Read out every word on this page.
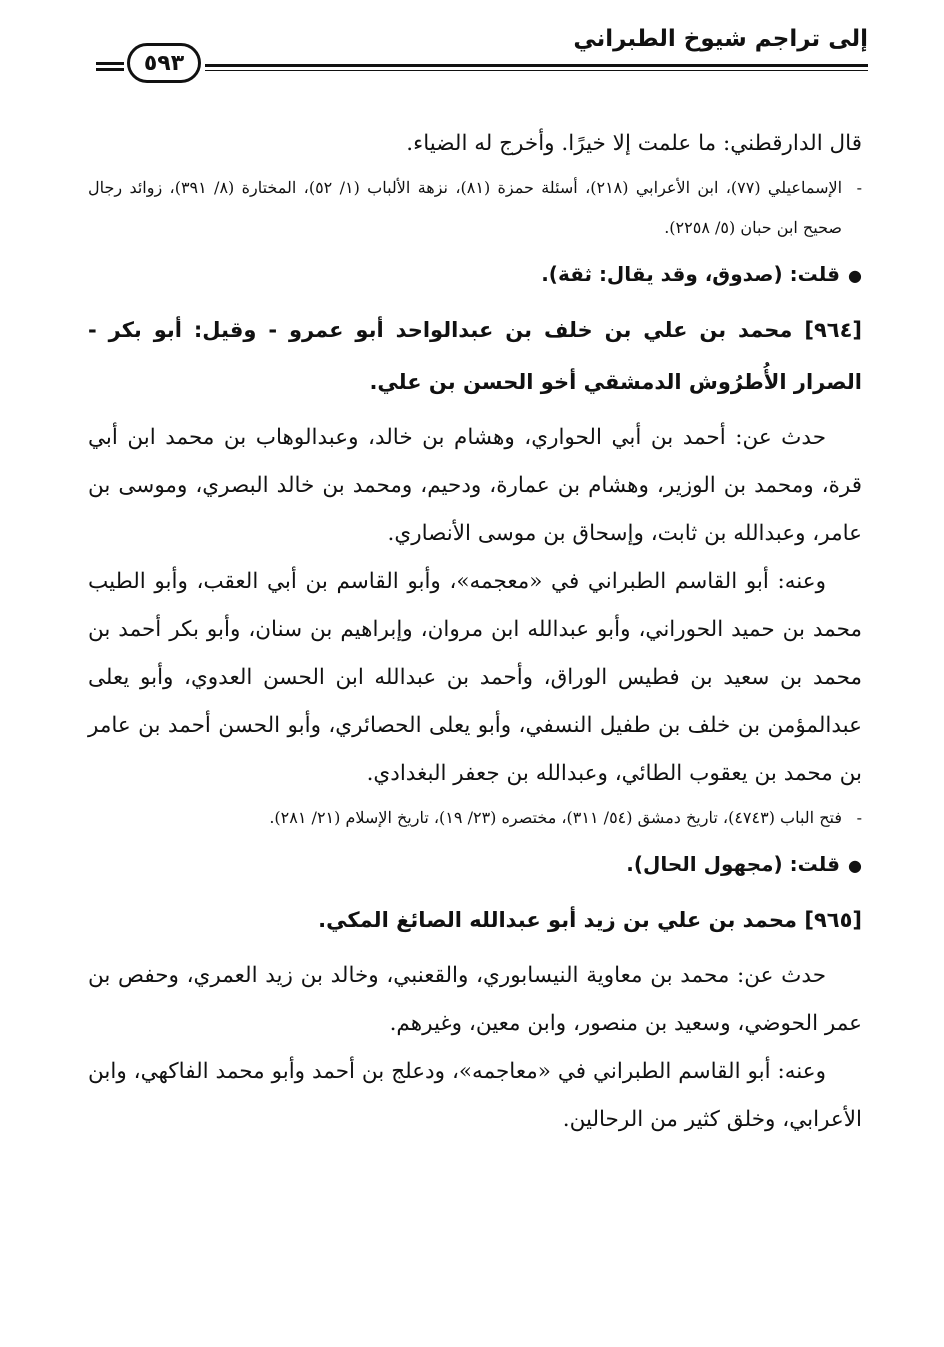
إلى تراجم شيوخ الطبراني
٥٩٣

قال الدارقطني: ما علمت إلا خيرًا. وأخرج له الضياء.

-الإسماعيلي (٧٧)، ابن الأعرابي (٢١٨)، أسئلة حمزة (٨١)، نزهة الألباب (١/ ٥٢)، المختارة (٨/ ٣٩١)، زوائد رجال صحيح ابن حبان (٥/ ٢٢٥٨).

●قلت: (صدوق، وقد يقال: ثقة).

[٩٦٤] محمد بن علي بن خلف بن عبدالواحد أبو عمرو - وقيل: أبو بكر - الصرار الأُطرُوش الدمشقي أخو الحسن بن علي.

حدث عن: أحمد بن أبي الحواري، وهشام بن خالد، وعبدالوهاب بن محمد ابن أبي قرة، ومحمد بن الوزير، وهشام بن عمارة، ودحيم، ومحمد بن خالد البصري، وموسى بن عامر، وعبدالله بن ثابت، وإسحاق بن موسى الأنصاري.

وعنه: أبو القاسم الطبراني في «معجمه»، وأبو القاسم بن أبي العقب، وأبو الطيب محمد بن حميد الحوراني، وأبو عبدالله ابن مروان، وإبراهيم بن سنان، وأبو بكر أحمد بن محمد بن سعيد بن فطيس الوراق، وأحمد بن عبدالله ابن الحسن العدوي، وأبو يعلى عبدالمؤمن بن خلف بن طفيل النسفي، وأبو يعلى الحصائري، وأبو الحسن أحمد بن عامر بن محمد بن يعقوب الطائي، وعبدالله بن جعفر البغدادي.

-فتح الباب (٤٧٤٣)، تاريخ دمشق (٥٤/ ٣١١)، مختصره (٢٣/ ١٩)، تاريخ الإسلام (٢١/ ٢٨١).

●قلت: (مجهول الحال).

[٩٦٥] محمد بن علي بن زيد أبو عبدالله الصائغ المكي.

حدث عن: محمد بن معاوية النيسابوري، والقعنبي، وخالد بن زيد العمري، وحفص بن عمر الحوضي، وسعيد بن منصور، وابن معين، وغيرهم.

وعنه: أبو القاسم الطبراني في «معاجمه»، ودعلج بن أحمد وأبو محمد الفاكهي، وابن الأعرابي، وخلق كثير من الرحالين.
